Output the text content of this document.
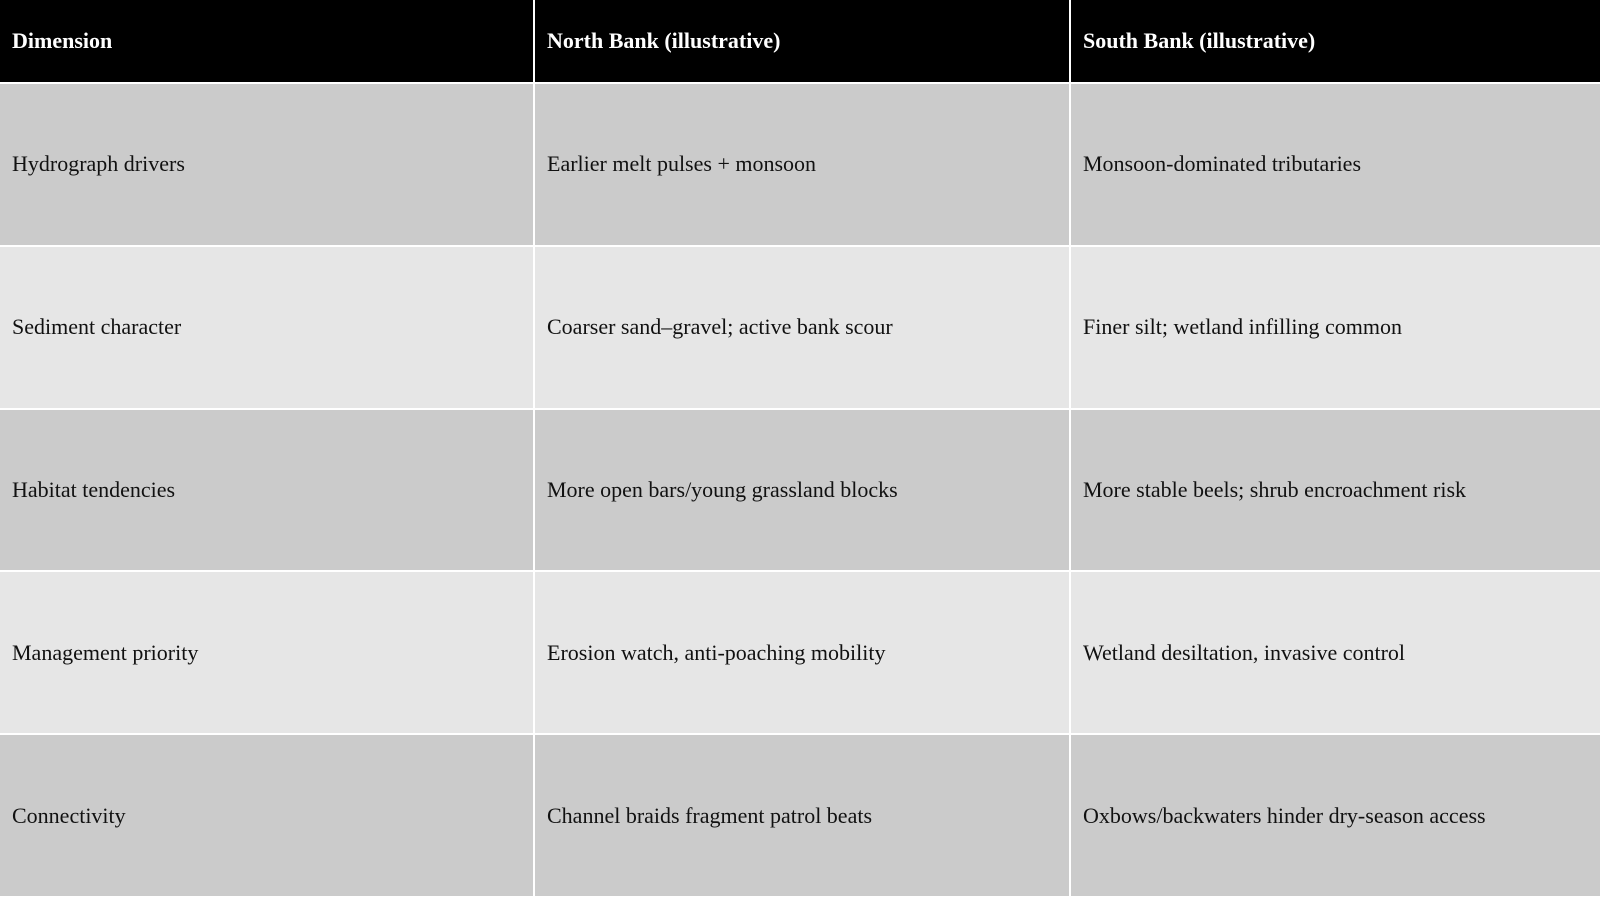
Dimension	North Bank (illustrative)	South Bank (illustrative)
Hydrograph drivers	Earlier melt pulses + monsoon	Monsoon-dominated tributaries
Sediment character	Coarser sand–gravel; active bank scour	Finer silt; wetland infilling common
Habitat tendencies	More open bars/young grassland blocks	More stable beels; shrub encroachment risk
Management priority	Erosion watch, anti-poaching mobility	Wetland desiltation, invasive control
Connectivity	Channel braids fragment patrol beats	Oxbows/backwaters hinder dry-season access
